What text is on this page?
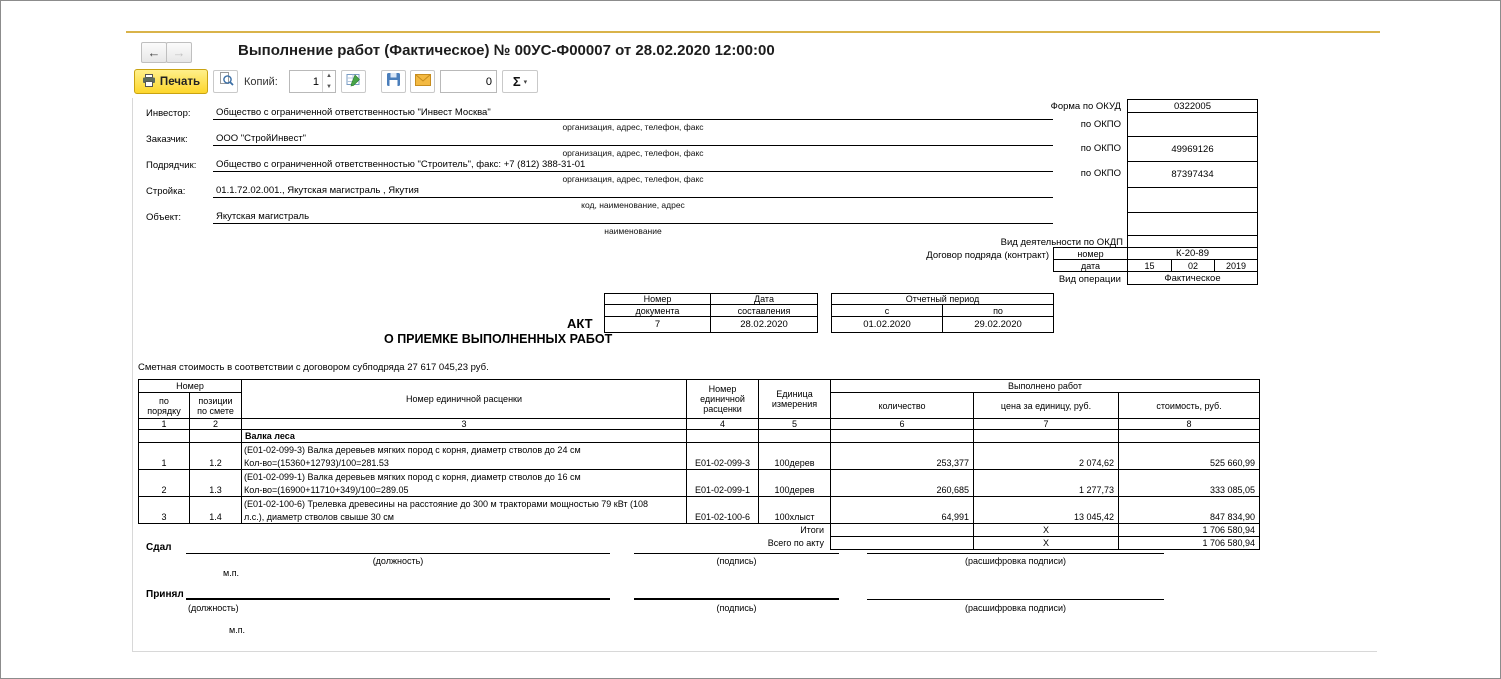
← →	Выполнение работ (Фактическое) № 00УС-Ф00007 от 28.02.2020 12:00:00
Печать	Копий:
1	▲
▼
0	Σ ▾
Инвестор:	Общество с ограниченной ответственностью "Инвест Москва"
организация, адрес, телефон, факс
Заказчик:	ООО "СтройИнвест"
организация, адрес, телефон, факс
Подрядчик:	Общество с ограниченной ответственностью "Строитель", факс: +7 (812) 388-31-01
организация, адрес, телефон, факс
Стройка:	01.1.72.02.001., Якутская магистраль , Якутия
код, наименование, адрес
Объект:	Якутская магистраль
наименование
Форма по ОКУД	0322005
по ОКПО
по ОКПО	49969126
по ОКПО	87397434
Вид деятельности по ОКДП
Договор подряда (контракт)	номер	К-20-89
дата	15	02	2019
Вид операции	Фактическое
АКТ
О ПРИЕМКЕ ВЫПОЛНЕННЫХ РАБОТ
Номер	Дата
документа	составления
7	28.02.2020
Отчетный период	
с	по
01.02.2020	29.02.2020
Сметная стоимость в соответствии с договором субподряда 27 617 045,23 руб.
Номер		Номер единичной расценки	Номер единичной расценки	Единица измерения	Выполнено работ		
по порядку	позиции по смете				количество	цена за единицу, руб.	стоимость, руб.
1	2	3	4	5	6	7	8
		Валка леса					
1	1.2	(Е01-02-099-3) Валка деревьев мягких пород с корня, диаметр стволов до 24 см
Кол-во=(15360+12793)/100=281.53	Е01-02-099-3	100дерев	253,377	2 074,62	525 660,99
2	1.3	(Е01-02-099-1) Валка деревьев мягких пород с корня, диаметр стволов до 16 см
Кол-во=(16900+11710+349)/100=289.05	Е01-02-099-1	100дерев	260,685	1 277,73	333 085,05
3	1.4	(Е01-02-100-6) Трелевка древесины на расстояние до 300 м тракторами мощностью 79 кВт (108
л.с.), диаметр стволов свыше 30 см	Е01-02-100-6	100хлыст	64,991	13 045,42	847 834,90
Итоги						X	1 706 580,94
Всего по акту						X	1 706 580,94
Сдал
(должность)	(подпись)	(расшифровка подписи)
м.п.
Принял
(должность)	(подпись)	(расшифровка подписи)
м.п.
